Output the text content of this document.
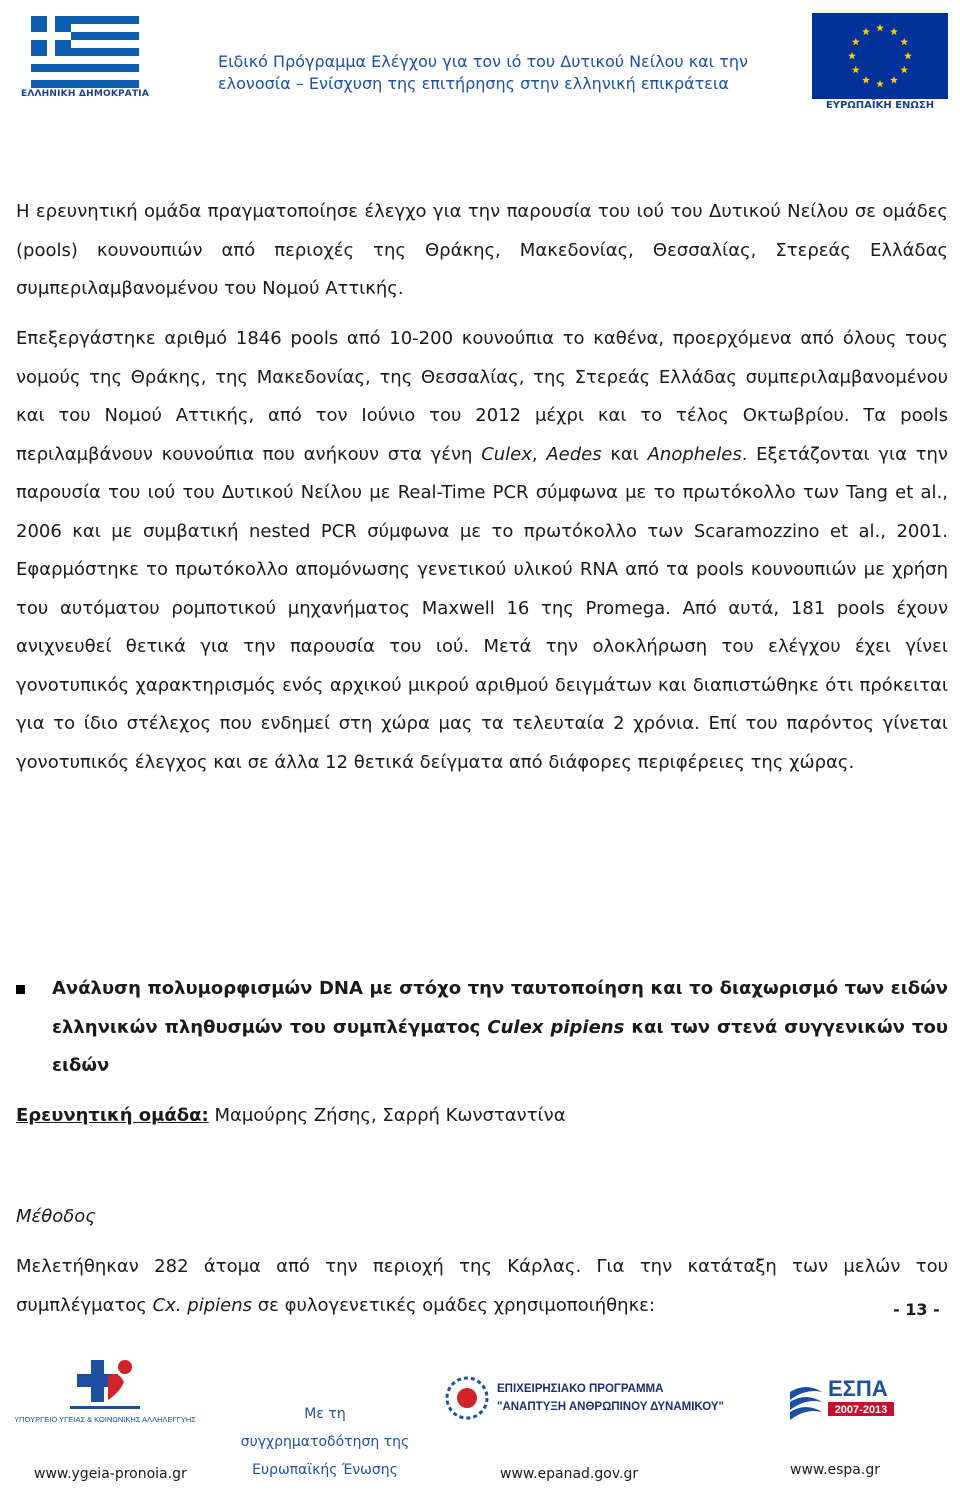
ΕΛΛΗΝΙΚΗ ΔΗΜΟΚΡΑΤΙΑ
Ειδικό Πρόγραμμα Ελέγχου για τον ιό του Δυτικού Νείλου και την
ελονοσία – Ενίσχυση της επιτήρησης στην ελληνική επικράτεια
ΕΥΡΩΠΑΪΚΗ ΕΝΩΣΗ
Η ερευνητική ομάδα πραγματοποίησε έλεγχο για την παρουσία του ιού του Δυτικού Νείλου σε ομάδες (pools) κουνουπιών από περιοχές της Θράκης, Μακεδονίας, Θεσσαλίας, Στερεάς Ελλάδας συμπεριλαμβανομένου του Νομού Αττικής.
Επεξεργάστηκε αριθμό 1846 pools από 10-200 κουνούπια το καθένα, προερχόμενα από όλους τους νομούς της Θράκης, της Μακεδονίας, της Θεσσαλίας, της Στερεάς Ελλάδας συμπεριλαμβανομένου και του Νομού Αττικής, από τον Ιούνιο του 2012 μέχρι και το τέλος Οκτωβρίου. Τα pools περιλαμβάνουν κουνούπια που ανήκουν στα γένη Culex, Aedes και Anopheles. Εξετάζονται για την παρουσία του ιού του Δυτικού Νείλου με Real-Time PCR σύμφωνα με το πρωτόκολλο των Tang et al., 2006 και με συμβατική nested PCR σύμφωνα με το πρωτόκολλο των Scaramozzino et al., 2001. Εφαρμόστηκε το πρωτόκολλο απομόνωσης γενετικού υλικού RNA από τα pools κουνουπιών με χρήση του αυτόματου ρομποτικού μηχανήματος Maxwell 16 της Promega. Από αυτά, 181 pools έχουν ανιχνευθεί θετικά για την παρουσία του ιού. Μετά την ολοκλήρωση του ελέγχου έχει γίνει γονοτυπικός χαρακτηρισμός ενός αρχικού μικρού αριθμού δειγμάτων και διαπιστώθηκε ότι πρόκειται για το ίδιο στέλεχος που ενδημεί στη χώρα μας τα τελευταία 2 χρόνια. Επί του παρόντος γίνεται γονοτυπικός έλεγχος και σε άλλα 12 θετικά δείγματα από διάφορες περιφέρειες της χώρας.
Ανάλυση πολυμορφισμών DNA με στόχο την ταυτοποίηση και το διαχωρισμό των ειδών ελληνικών πληθυσμών του συμπλέγματος Culex pipiens και των στενά συγγενικών του ειδών
Ερευνητική ομάδα: Μαμούρης Ζήσης, Σαρρή Κωνσταντίνα
Μέθοδος
Μελετήθηκαν 282 άτομα από την περιοχή της Κάρλας. Για την κατάταξη των μελών του συμπλέγματος Cx. pipiens σε φυλογενετικές ομάδες χρησιμοποιήθηκε:	- 13 -
ΥΠΟΥΡΓΕΙΟ ΥΓΕΙΑΣ & ΚΟΙΝΩΝΙΚΗΣ ΑΛΛΗΛΕΓΓΥΗΣ
www.ygeia-pronoia.gr
Με τη
συγχρηματοδότηση της
Ευρωπαϊκής Ένωσης
ΕΠΙΧΕΙΡΗΣΙΑΚΟ ΠΡΟΓΡΑΜΜΑ
"ΑΝΑΠΤΥΞΗ ΑΝΘΡΩΠΙΝΟΥ ΔΥΝΑΜΙΚΟΥ"
www.epanad.gov.gr
ΕΣΠΑ
2007-2013
www.espa.gr
